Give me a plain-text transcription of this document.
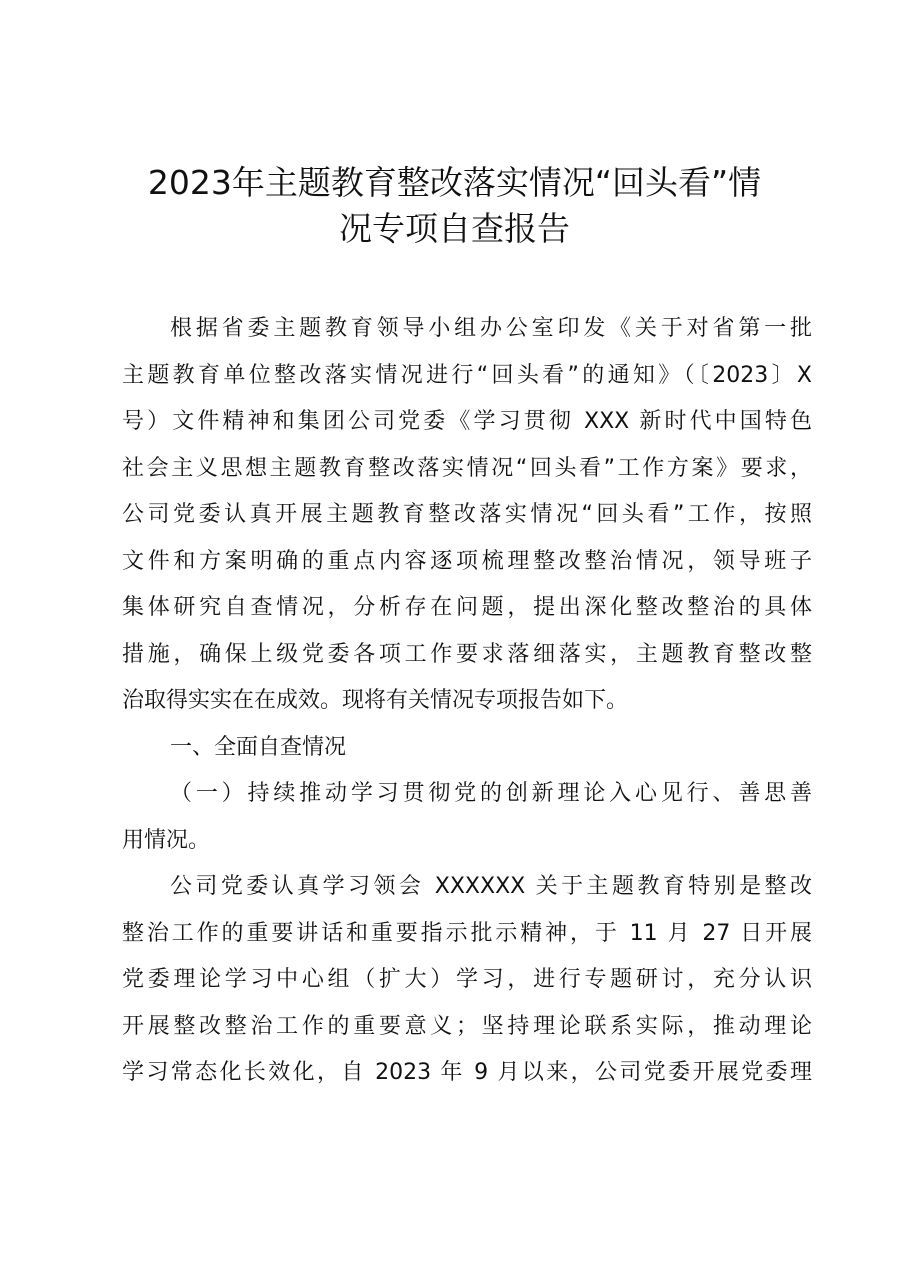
2023年主题教育整改落实情况“回头看”情
况专项自查报告
根据省委主题教育领导小组办公室印发《关于对省第一批
主题教育单位整改落实情况进行“回头看”的通知》（〔2023〕X
号）文件精神和集团公司党委《学习贯彻 XXX 新时代中国特色
社会主义思想主题教育整改落实情况“回头看”工作方案》要求，
公司党委认真开展主题教育整改落实情况“回头看”工作，按照
文件和方案明确的重点内容逐项梳理整改整治情况，领导班子
集体研究自查情况，分析存在问题，提出深化整改整治的具体
措施，确保上级党委各项工作要求落细落实，主题教育整改整
治取得实实在在成效。现将有关情况专项报告如下。
一、全面自查情况
（一）持续推动学习贯彻党的创新理论入心见行、善思善
用情况。
公司党委认真学习领会 XXXXXX 关于主题教育特别是整改
整治工作的重要讲话和重要指示批示精神，于 11 月 27 日开展
党委理论学习中心组（扩大）学习，进行专题研讨，充分认识
开展整改整治工作的重要意义；坚持理论联系实际，推动理论
学习常态化长效化，自 2023 年 9 月以来，公司党委开展党委理
